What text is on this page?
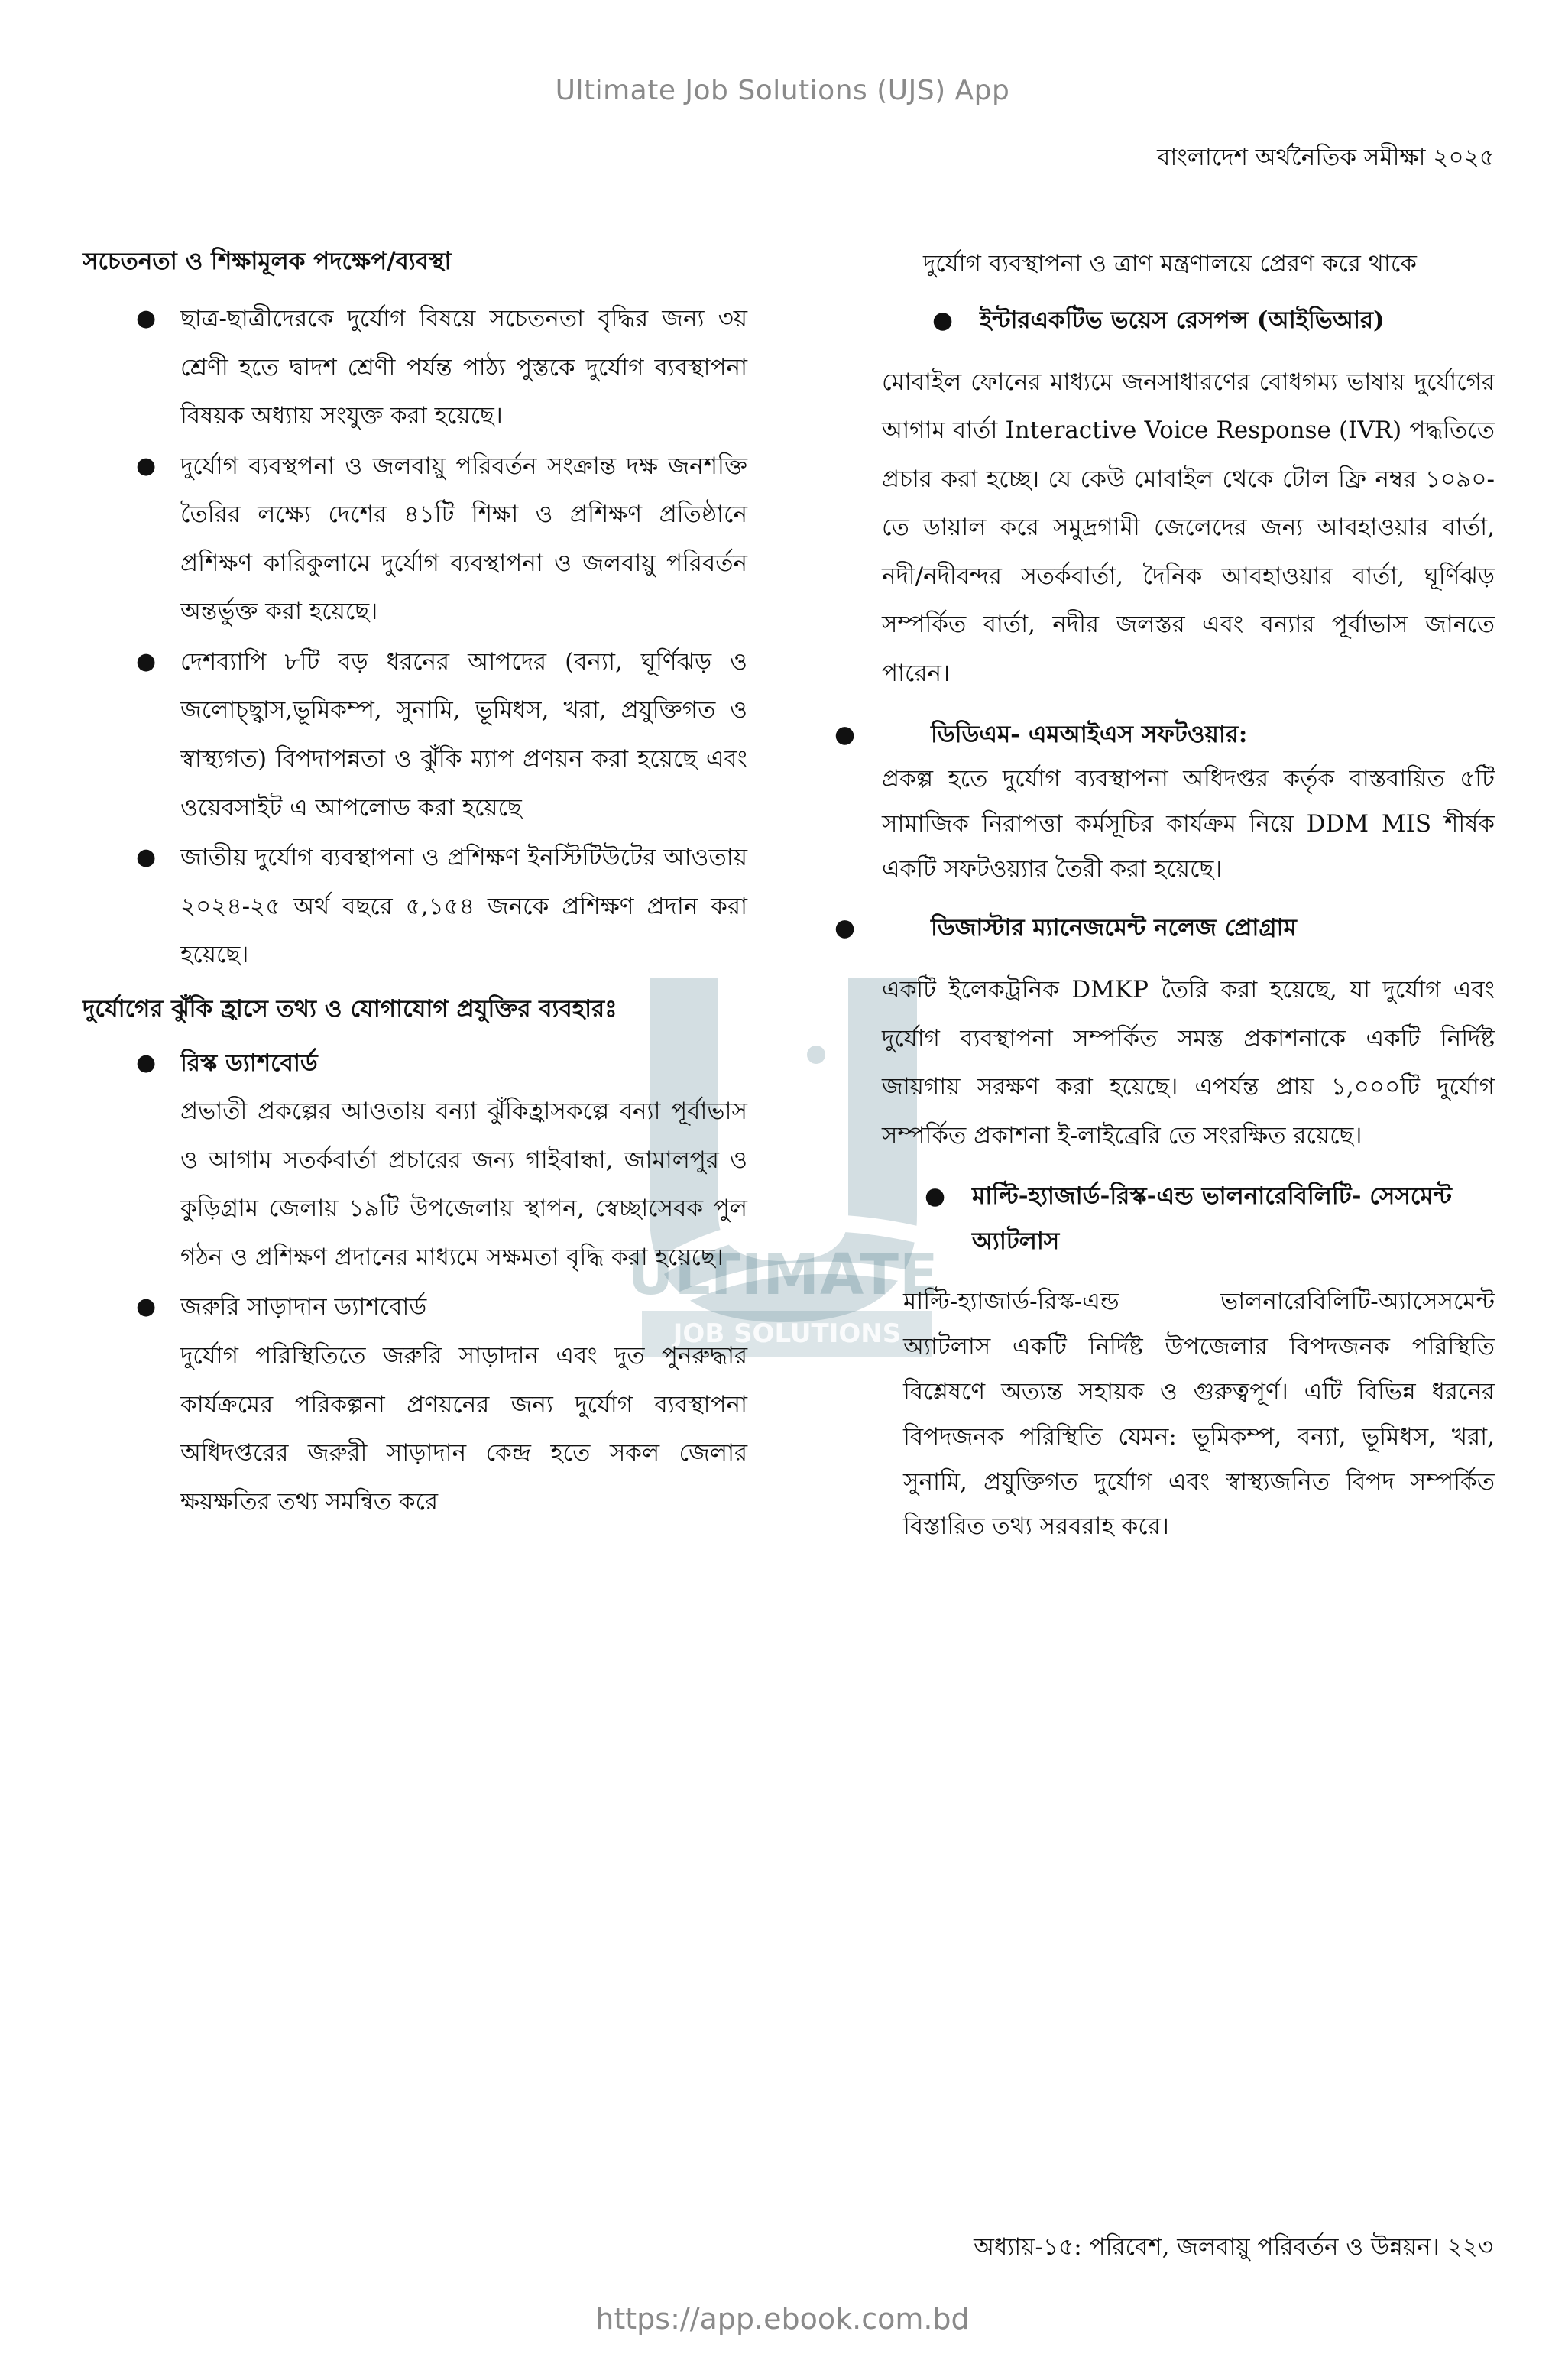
Ultimate Job Solutions (UJS) App
বাংলাদেশ অর্থনৈতিক সমীক্ষা ২০২৫
ULTIMATE
JOB SOLUTIONS
সচেতনতা ও শিক্ষামূলক পদক্ষেপ/ব্যবস্থা
● ছাত্র-ছাত্রীদেরকে দুর্যোগ বিষয়ে সচেতনতা বৃদ্ধির জন্য ৩য় শ্রেণী হতে দ্বাদশ শ্রেণী পর্যন্ত পাঠ্য পুস্তকে দুর্যোগ ব্যবস্থাপনা বিষয়ক অধ্যায় সংযুক্ত করা হয়েছে।
● দুর্যোগ ব্যবস্থপনা ও জলবায়ু পরিবর্তন সংক্রান্ত দক্ষ জনশক্তি তৈরির লক্ষ্যে দেশের ৪১টি শিক্ষা ও প্রশিক্ষণ প্রতিষ্ঠানে প্রশিক্ষণ কারিকুলামে দুর্যোগ ব্যবস্থাপনা ও জলবায়ু পরিবর্তন অন্তর্ভুক্ত করা হয়েছে।
● দেশব্যাপি ৮টি বড় ধরনের আপদের (বন্যা, ঘূর্ণিঝড় ও জলোচ্ছ্বাস,ভূমিকম্প, সুনামি, ভূমিধস, খরা, প্রযুক্তিগত ও স্বাস্থ্যগত) বিপদাপন্নতা ও ঝুঁকি ম্যাপ প্রণয়ন করা হয়েছে এবং ওয়েবসাইট এ আপলোড করা হয়েছে
● জাতীয় দুর্যোগ ব্যবস্থাপনা ও প্রশিক্ষণ ইনস্টিটিউটের আওতায় ২০২৪-২৫ অর্থ বছরে ৫,১৫৪ জনকে প্রশিক্ষণ প্রদান করা হয়েছে।
দুর্যোগের ঝুঁকি হ্রাসে তথ্য ও যোগাযোগ প্রযুক্তির ব্যবহারঃ
● রিস্ক ড্যাশবোর্ড
প্রভাতী প্রকল্পের আওতায় বন্যা ঝুঁকিহ্রাসকল্পে বন্যা পূর্বাভাস ও আগাম সতর্কবার্তা প্রচারের জন্য গাইবান্ধা, জামালপুর ও কুড়িগ্রাম জেলায় ১৯টি উপজেলায় স্থাপন, স্বেচ্ছাসেবক পুল গঠন ও প্রশিক্ষণ প্রদানের মাধ্যমে সক্ষমতা বৃদ্ধি করা হয়েছে।
● জরুরি সাড়াদান ড্যাশবোর্ড
দুর্যোগ পরিস্থিতিতে জরুরি সাড়াদান এবং দুত পুনরুদ্ধার কার্যক্রমের পরিকল্পনা প্রণয়নের জন্য দুর্যোগ ব্যবস্থাপনা অধিদপ্তরের জরুরী সাড়াদান কেন্দ্র হতে সকল জেলার ক্ষয়ক্ষতির তথ্য সমন্বিত করে
দুর্যোগ ব্যবস্থাপনা ও ত্রাণ মন্ত্রণালয়ে প্রেরণ করে থাকে
● ইন্টারএকটিভ ভয়েস রেসপন্স (আইভিআর)
মোবাইল ফোনের মাধ্যমে জনসাধারণের বোধগম্য ভাষায় দুর্যোগের আগাম বার্তা Interactive Voice Response (IVR) পদ্ধতিতে প্রচার করা হচ্ছে। যে কেউ মোবাইল থেকে টোল ফ্রি নম্বর ১০৯০-তে ডায়াল করে সমুদ্রগামী জেলেদের জন্য আবহাওয়ার বার্তা, নদী/নদীবন্দর সতর্কবার্তা, দৈনিক আবহাওয়ার বার্তা, ঘূর্ণিঝড় সম্পর্কিত বার্তা, নদীর জলস্তর এবং বন্যার পূর্বাভাস জানতে পারেন।
●	ডিডিএম- এমআইএস সফটওয়ার:
প্রকল্প হতে দুর্যোগ ব্যবস্থাপনা অধিদপ্তর কর্তৃক বাস্তবায়িত ৫টি সামাজিক নিরাপত্তা কর্মসূচির কার্যক্রম নিয়ে DDM MIS শীর্ষক একটি সফটওয়্যার তৈরী করা হয়েছে।
●	ডিজাস্টার ম্যানেজমেন্ট নলেজ প্রোগ্রাম
একটি ইলেকট্রনিক DMKP তৈরি করা হয়েছে, যা দুর্যোগ এবং দুর্যোগ ব্যবস্থাপনা সম্পর্কিত সমস্ত প্রকাশনাকে একটি নির্দিষ্ট জায়গায় সরক্ষণ করা হয়েছে। এপর্যন্ত প্রায় ১,০০০টি দুর্যোগ সম্পর্কিত প্রকাশনা ই-লাইব্রেরি তে সংরক্ষিত রয়েছে।
● মাল্টি-হ্যাজার্ড-রিস্ক-এন্ড ভালনারেবিলিটি- সেসমেন্ট অ্যাটলাস
মাল্টি-হ্যাজার্ড-রিস্ক-এন্ড ভালনারেবিলিটি-অ্যাসেসমেন্ট অ্যাটলাস একটি নির্দিষ্ট উপজেলার বিপদজনক পরিস্থিতি বিশ্লেষণে অত্যন্ত সহায়ক ও গুরুত্বপূর্ণ। এটি বিভিন্ন ধরনের বিপদজনক পরিস্থিতি যেমন: ভূমিকম্প, বন্যা, ভূমিধস, খরা, সুনামি, প্রযুক্তিগত দুর্যোগ এবং স্বাস্থ্যজনিত বিপদ সম্পর্কিত বিস্তারিত তথ্য সরবরাহ করে।
অধ্যায়-১৫: পরিবেশ, জলবায়ু পরিবর্তন ও উন্নয়ন। ২২৩
https://app.ebook.com.bd
